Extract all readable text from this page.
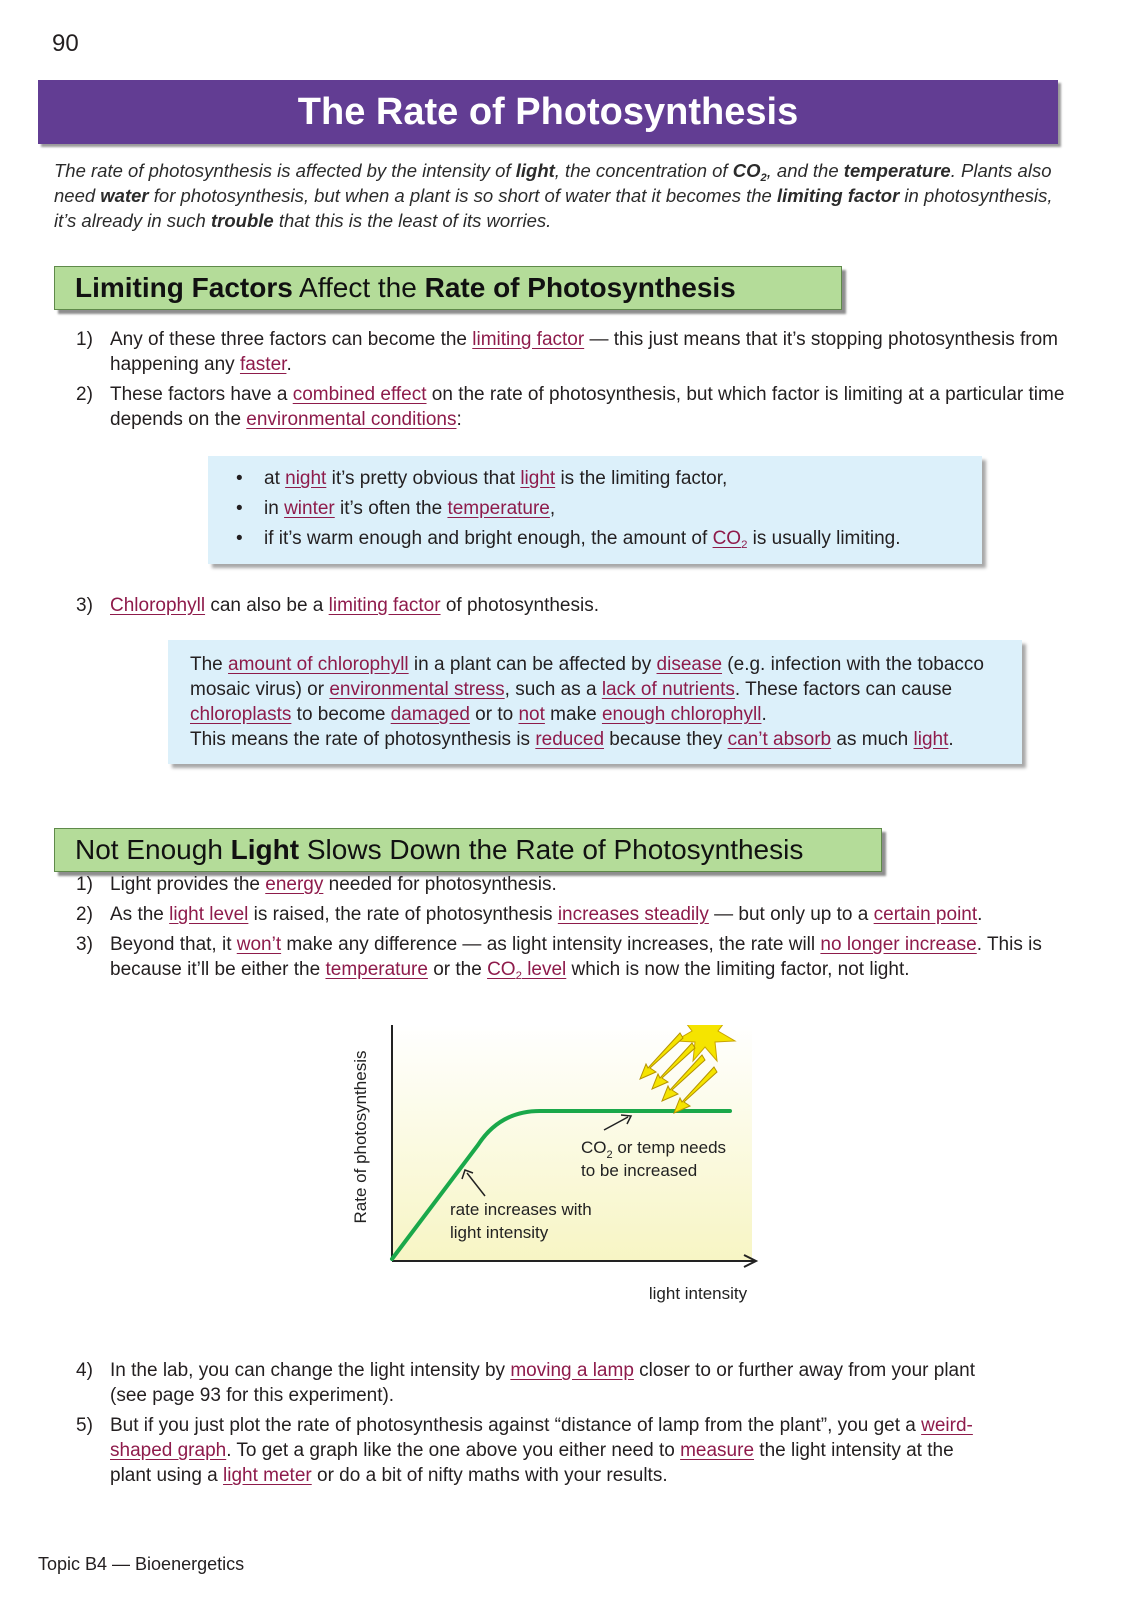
90
The Rate of Photosynthesis
The rate of photosynthesis is affected by the intensity of light, the concentration of $CO_2$, and the temperature. Plants also need water for photosynthesis, but when a plant is so short of water that it becomes the limiting factor in photosynthesis, it’s already in such trouble that this is the least of its worries.
Limiting Factors Affect the Rate of Photosynthesis
1) Any of these three factors can become the limiting factor — this just means that it’s stopping photosynthesis from happening any faster.
2) These factors have a combined effect on the rate of photosynthesis, but which factor is limiting at a particular time depends on the environmental conditions:
• at night it’s pretty obvious that light is the limiting factor,
• in winter it’s often the temperature,
• if it’s warm enough and bright enough, the amount of $CO_2$ is usually limiting.
3) Chlorophyll can also be a limiting factor of photosynthesis.
The amount of chlorophyll in a plant can be affected by disease (e.g. infection with the tobacco mosaic virus) or environmental stress, such as a lack of nutrients. These factors can cause chloroplasts to become damaged or to not make enough chlorophyll.
This means the rate of photosynthesis is reduced because they can’t absorb as much light.
Not Enough Light Slows Down the Rate of Photosynthesis
1) Light provides the energy needed for photosynthesis.
2) As the light level is raised, the rate of photosynthesis increases steadily — but only up to a certain point.
3) Beyond that, it won’t make any difference — as light intensity increases, the rate will no longer increase. This is because it’ll be either the temperature or the $CO_2$ level which is now the limiting factor, not light.
rate increases with light intensity
$CO_2$ or temp needs to be increased
Rate of photosynthesis
light intensity
4) In the lab, you can change the light intensity by moving a lamp closer to or further away from your plant (see page 93 for this experiment).
5) But if you just plot the rate of photosynthesis against “distance of lamp from the plant”, you get a weird-shaped graph. To get a graph like the one above you either need to measure the light intensity at the plant using a light meter or do a bit of nifty maths with your results.
Topic B4 — Bioenergetics
